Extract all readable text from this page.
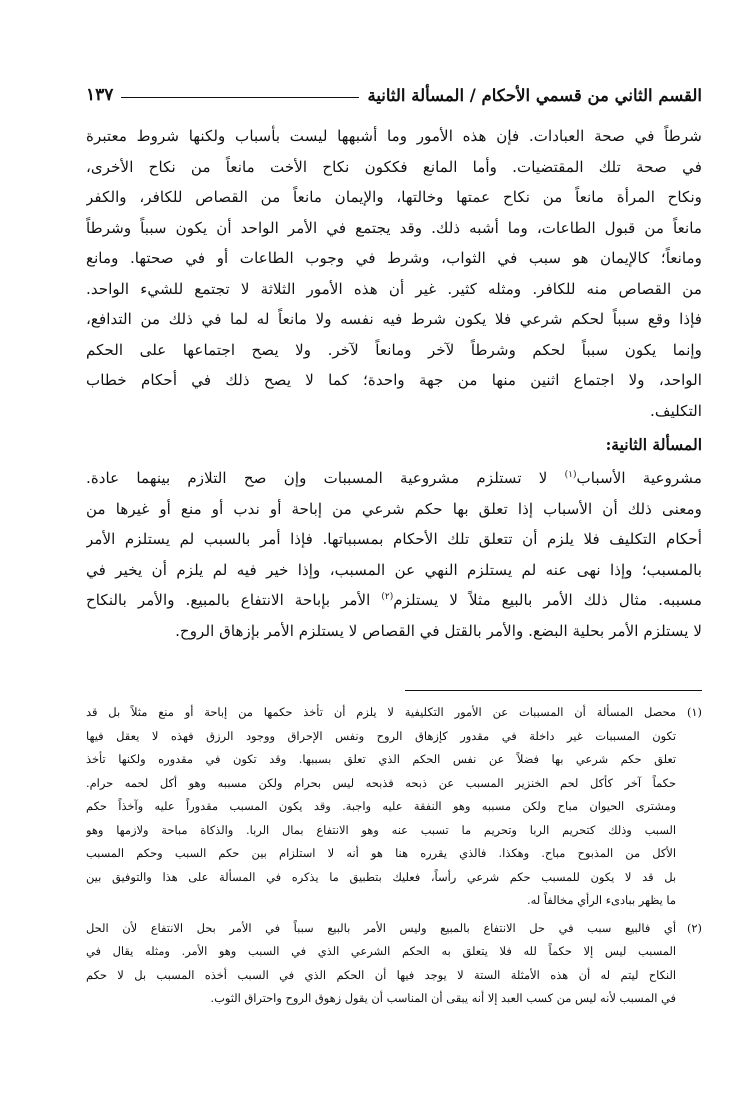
القسم الثاني من قسمي الأحكام / المسألة الثانية
١٣٧
شرطاً في صحة العبادات. فإن هذه الأمور وما أشبهها ليست بأسباب ولكنها شروط معتبرة
في صحة تلك المقتضيات. وأما المانع فككون نكاح الأخت مانعاً من نكاح الأخرى،
ونكاح المرأة مانعاً من نكاح عمتها وخالتها، والإيمان مانعاً من القصاص للكافر، والكفر
مانعاً من قبول الطاعات، وما أشبه ذلك. وقد يجتمع في الأمر الواحد أن يكون سبباً وشرطاً
ومانعاً؛ كالإيمان هو سبب في الثواب، وشرط في وجوب الطاعات أو في صحتها. ومانع
من القصاص منه للكافر. ومثله كثير. غير أن هذه الأمور الثلاثة لا تجتمع للشيء الواحد.
فإذا وقع سبباً لحكم شرعي فلا يكون شرط فيه نفسه ولا مانعاً له لما في ذلك من التدافع،
وإنما يكون سبباً لحكم وشرطاً لآخر ومانعاً لآخر. ولا يصح اجتماعها على الحكم
الواحد، ولا اجتماع اثنين منها من جهة واحدة؛ كما لا يصح ذلك في أحكام خطاب
التكليف.
المسألة الثانية:
مشروعية الأسباب$^{(١)}$ لا تستلزم مشروعية المسببات وإن صح التلازم بينهما عادة.
ومعنى ذلك أن الأسباب إذا تعلق بها حكم شرعي من إباحة أو ندب أو منع أو غيرها من
أحكام التكليف فلا يلزم أن تتعلق تلك الأحكام بمسبباتها. فإذا أمر بالسبب لم يستلزم الأمر
بالمسبب؛ وإذا نهى عنه لم يستلزم النهي عن المسبب، وإذا خير فيه لم يلزم أن يخير في
مسببه. مثال ذلك الأمر بالبيع مثلاً لا يستلزم$^{(٢)}$ الأمر بإباحة الانتفاع بالمبيع. والأمر بالنكاح
لا يستلزم الأمر بحلية البضع. والأمر بالقتل في القصاص لا يستلزم الأمر بإزهاق الروح.
(١)
محصل المسألة أن المسببات عن الأمور التكليفية لا يلزم أن تأخذ حكمها من إباحة أو منع مثلاً بل قد
تكون المسببات غير داخلة في مقدور كإزهاق الروح ونفس الإحراق ووجود الرزق فهذه لا يعقل فيها
تعلق حكم شرعي بها فضلاً عن نفس الحكم الذي تعلق بسببها. وقد تكون في مقدوره ولكنها تأخذ
حكماً آخر كأكل لحم الخنزير المسبب عن ذبحه فذبحه ليس بحرام ولكن مسببه وهو أكل لحمه حرام.
ومشترى الحيوان مباح ولكن مسببه وهو النفقة عليه واجبة. وقد يكون المسبب مقدوراً عليه وآخذاً حكم
السبب وذلك كتحريم الربا وتحريم ما تسبب عنه وهو الانتفاع بمال الربا. والذكاة مباحة ولازمها وهو
الأكل من المذبوح مباح. وهكذا. فالذي يقرره هنا هو أنه لا استلزام بين حكم السبب وحكم المسبب
بل قد لا يكون للمسبب حكم شرعي رأساً، فعليك بتطبيق ما يذكره في المسألة على هذا والتوفيق بين
ما يظهر ببادىء الرأي مخالفاً له.
(٢)
أي فالبيع سبب في حل الانتفاع بالمبيع وليس الأمر بالبيع سبباً في الأمر بحل الانتفاع لأن الحل
المسبب ليس إلا حكماً لله فلا يتعلق به الحكم الشرعي الذي في السبب وهو الأمر. ومثله يقال في
النكاح ليتم له أن هذه الأمثلة الستة لا يوجد فيها أن الحكم الذي في السبب أخذه المسبب بل لا حكم
في المسبب لأنه ليس من كسب العبد إلا أنه يبقى أن المناسب أن يقول زهوق الروح واحتراق الثوب.
